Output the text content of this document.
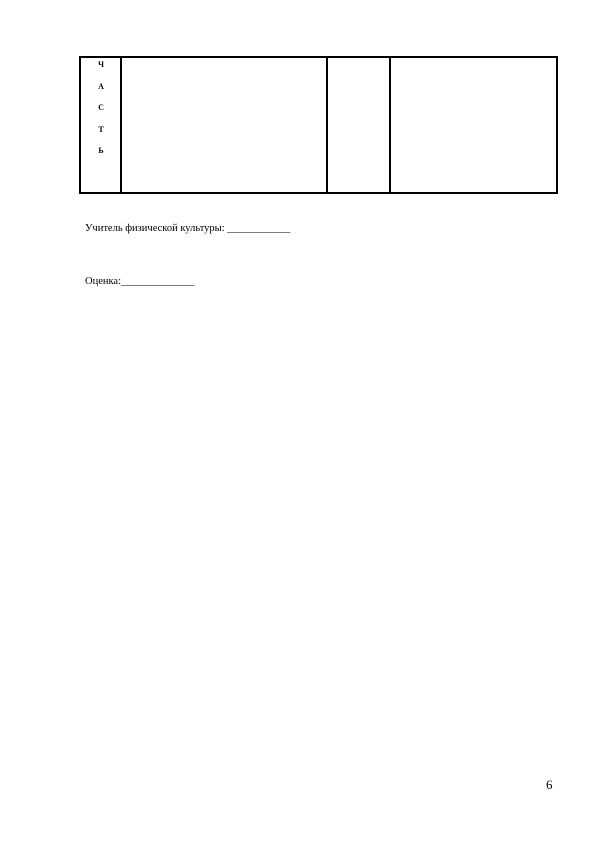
Ч
А
С
Т
Ь
Учитель физической культуры: ____________
Оценка:______________
6
